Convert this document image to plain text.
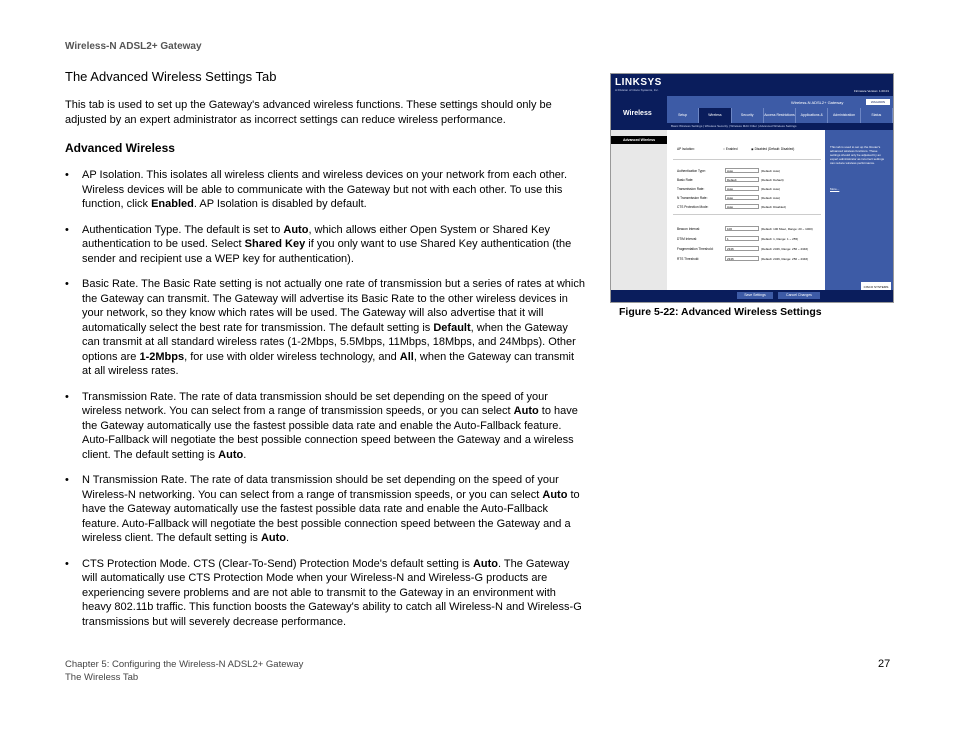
Wireless-N ADSL2+ Gateway
The Advanced Wireless Settings Tab
This tab is used to set up the Gateway's advanced wireless functions. These settings should only be adjusted by an expert administrator as incorrect settings can reduce wireless performance.
Advanced Wireless
• AP Isolation. This isolates all wireless clients and wireless devices on your network from each other. Wireless devices will be able to communicate with the Gateway but not with each other. To use this function, click Enabled. AP Isolation is disabled by default.
• Authentication Type. The default is set to Auto, which allows either Open System or Shared Key authentication to be used. Select Shared Key if you only want to use Shared Key authentication (the sender and recipient use a WEP key for authentication).
• Basic Rate. The Basic Rate setting is not actually one rate of transmission but a series of rates at which the Gateway can transmit. The Gateway will advertise its Basic Rate to the other wireless devices in your network, so they know which rates will be used. The Gateway will also advertise that it will automatically select the best rate for transmission. The default setting is Default, when the Gateway can transmit at all standard wireless rates (1-2Mbps, 5.5Mbps, 11Mbps, 18Mbps, and 24Mbps). Other options are 1-2Mbps, for use with older wireless technology, and All, when the Gateway can transmit at all wireless rates.
• Transmission Rate. The rate of data transmission should be set depending on the speed of your wireless network. You can select from a range of transmission speeds, or you can select Auto to have the Gateway automatically use the fastest possible data rate and enable the Auto-Fallback feature. Auto-Fallback will negotiate the best possible connection speed between the Gateway and a wireless client. The default setting is Auto.
• N Transmission Rate. The rate of data transmission should be set depending on the speed of your Wireless-N networking. You can select from a range of transmission speeds, or you can select Auto to have the Gateway automatically use the fastest possible data rate and enable the Auto-Fallback feature. Auto-Fallback will negotiate the best possible connection speed between the Gateway and a wireless client. The default setting is Auto.
• CTS Protection Mode. CTS (Clear-To-Send) Protection Mode's default setting is Auto. The Gateway will automatically use CTS Protection Mode when your Wireless-N and Wireless-G products are experiencing severe problems and are not able to transmit to the Gateway in an environment with heavy 802.11b traffic. This function boosts the Gateway's ability to catch all Wireless-N and Wireless-G transmissions but will severely decrease performance.
LINKSYS
A Division of Cisco Systems, Inc.	Firmware Version: 1.00.01
Wireless
Wireless-N ADSL2+ Gateway	WAG300N
Setup	Wireless	Security	Access Restrictions	Applications &	Administration	Status
Basic Wireless Settings | Wireless Security | Wireless MAC Filter | Advanced Wireless Settings
Advanced Wireless
AP Isolation:	○ Enabled	◉ Disabled (Default: Disabled)
Authentication Type:	Auto	(Default: Auto)
Basic Rate:	Default	(Default: Default)
Transmission Rate:	Auto	(Default: Auto)
N Transmission Rate:	Auto	(Default: Auto)
CTS Protection Mode:	Auto	(Default: Disabled)
Beacon Interval:	100	(Default: 100 Msec, Range: 20 ~ 1000)
DTIM Interval:	1	(Default: 1, Range: 1 ~ 255)
Fragmentation Threshold:	2346	(Default: 2346, Range: 256 ~ 2346)
RTS Threshold:	2346	(Default: 2346, Range: 256 ~ 2346)
This tab is used to set up the Router's advanced wireless functions. These settings should only be adjusted by an expert administrator as incorrect settings can reduce wireless performance.
More...
CISCO SYSTEMS
Save Settings	Cancel Changes
Figure 5-22: Advanced Wireless Settings
Chapter 5: Configuring the Wireless-N ADSL2+ Gateway
The Wireless Tab
27
